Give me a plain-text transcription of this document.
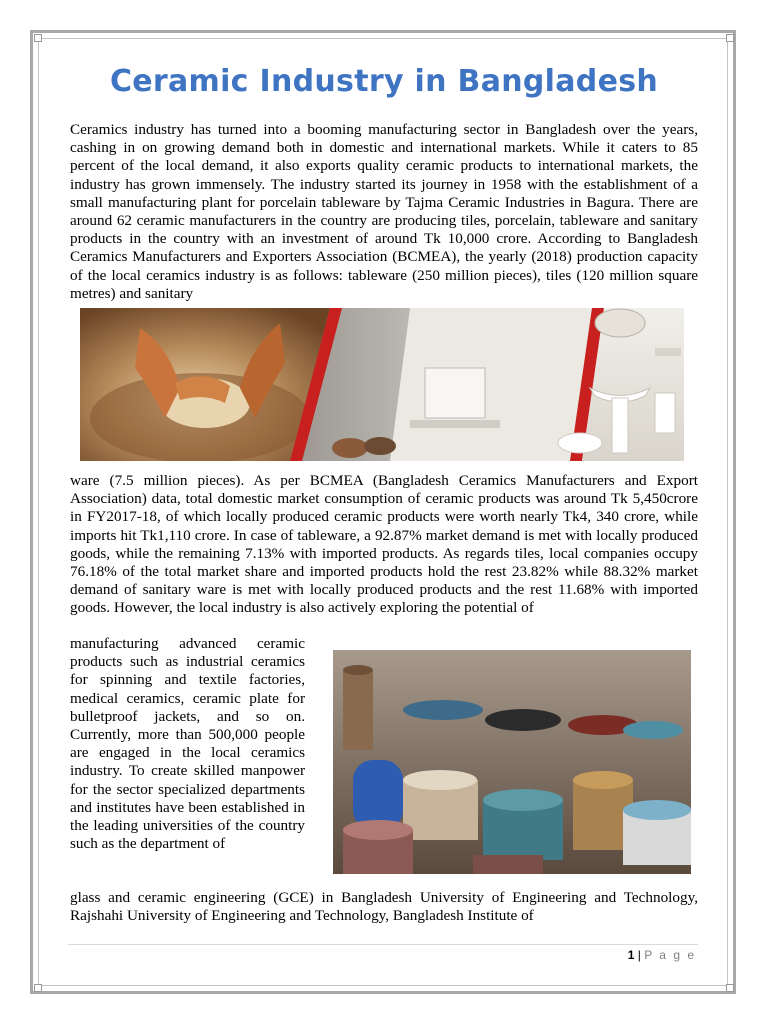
Ceramic Industry in Bangladesh
Ceramics industry has turned into a booming manufacturing sector in Bangladesh over the years, cashing in on growing demand both in domestic and international markets. While it caters to 85 percent of the local demand, it also exports quality ceramic products to international markets, the industry has grown immensely. The industry started its journey in 1958 with the establishment of a small manufacturing plant for porcelain tableware by Tajma Ceramic Industries in Bagura. There are around 62 ceramic manufacturers in the country are producing tiles, porcelain, tableware and sanitary products in the country with an investment of around Tk 10,000 crore. According to Bangladesh Ceramics Manufacturers and Exporters Association (BCMEA), the yearly (2018) production capacity of the local ceramics industry is as follows: tableware (250 million pieces), tiles (120 million square metres) and sanitary
ware (7.5 million pieces). As per BCMEA (Bangladesh Ceramics Manufacturers and Export Association) data, total domestic market consumption of ceramic products was around Tk 5,450crore in FY2017-18, of which locally produced ceramic products were worth nearly Tk4, 340 crore, while imports hit Tk1,110 crore. In case of tableware, a 92.87% market demand is met with locally produced goods, while the remaining 7.13% with imported products. As regards tiles, local companies occupy 76.18% of the total market share and imported products hold the rest 23.82% while 88.32% market demand of sanitary ware is met with locally produced products and the rest 11.68% with imported goods. However, the local industry is also actively exploring the potential of
manufacturing advanced ceramic products such as industrial ceramics for spinning and textile factories, medical ceramics, ceramic plate for bulletproof jackets, and so on. Currently, more than 500,000 people are engaged in the local ceramics industry. To create skilled manpower for the sector specialized departments and institutes have been established in the leading universities of the country such as the department of
glass and ceramic engineering (GCE) in Bangladesh University of Engineering and Technology, Rajshahi University of Engineering and Technology, Bangladesh Institute of
1 | P a g e
